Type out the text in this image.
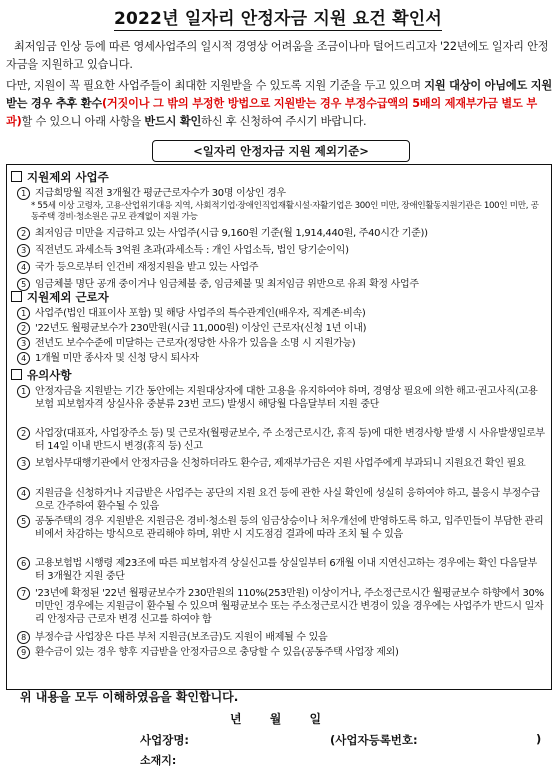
2022년 일자리 안정자금 지원 요건 확인서

최저임금 인상 등에 따른 영세사업주의 일시적 경영상 어려움을 조금이나마 덜어드리고자 '22년에도 일자리 안정자금을 지원하고 있습니다.

다만, 지원이 꼭 필요한 사업주들이 최대한 지원받을 수 있도록 지원 기준을 두고 있으며 지원 대상이 아님에도 지원받는 경우 추후 환수(거짓이나 그 밖의 부정한 방법으로 지원받는 경우 부정수급액의 5배의 제재부가금 별도 부과)할 수 있으니 아래 사항을 반드시 확인하신 후 신청하여 주시기 바랍니다.

<일자리 안정자금 지원 제외기준>
지원제외 사업주
1 지급희망월 직전 3개월간 평균근로자수가 30명 이상인 경우
2 최저임금 미만을 지급하고 있는 사업주(시급 9,160원 기준(월 1,914,440원, 주40시간 기준))
3 직전년도 과세소득 3억원 초과(과세소득 : 개인 사업소득, 법인 당기순이익)
4 국가 등으로부터 인건비 재정지원을 받고 있는 사업주
5 임금체불 명단 공개 중이거나 임금체불 중, 임금체불 및 최저임금 위반으로 유죄 확정 사업주
* 55세 이상 고령자, 고용·산업위기대응 지역, 사회적기업·장애인직업재활시설·자활기업은 300인 미만, 장애인활동지원기관은 100인 미만, 공동주택 경비·청소원은 규모 관계없이 지원 가능
지원제외 근로자
1 사업주(법인 대표이사 포함) 및 해당 사업주의 특수관계인(배우자, 직계존·비속)
2 '22년도 월평균보수가 230만원(시급 11,000원) 이상인 근로자(신청 1년 이내)
3 전년도 보수수준에 미달하는 근로자(정당한 사유가 있음을 소명 시 지원가능)
4 1개월 미만 종사자 및 신청 당시 퇴사자
유의사항
1 안정자금을 지원받는 기간 동안에는 지원대상자에 대한 고용을 유지하여야 하며, 경영상 필요에 의한 해고·권고사직(고용보험 피보험자격 상실사유 중분류 23번 코드) 발생시 해당월 다음달부터 지원 중단
2 사업장(대표자, 사업장주소 등) 및 근로자(월평균보수, 주 소정근로시간, 휴직 등)에 대한 변경사항 발생 시 사유발생일로부터 14일 이내 반드시 변경(휴직 등) 신고
3 보험사무대행기관에서 안정자금을 신청하더라도 환수금, 제재부가금은 지원 사업주에게 부과되니 지원요건 확인 필요
4 지원금을 신청하거나 지급받은 사업주는 공단의 지원 요건 등에 관한 사실 확인에 성실히 응하여야 하고, 불응시 부정수급으로 간주하여 환수될 수 있음
5 공동주택의 경우 지원받은 지원금은 경비·청소원 등의 임금상승이나 처우개선에 반영하도록 하고, 입주민들이 부담한 관리비에서 차감하는 방식으로 관리해야 하며, 위반 시 지도점검 결과에 따라 조치 될 수 있음
6 고용보험법 시행령 제23조에 따른 피보험자격 상실신고를 상실일부터 6개월 이내 지연신고하는 경우에는 확인 다음달부터 3개월간 지원 중단
7 '23년에 확정된 '22년 월평균보수가 230만원의 110%(253만원) 이상이거나, 주소정근로시간 월평균보수 하향에서 30% 미만인 경우에는 지원금이 환수될 수 있으며 월평균보수 또는 주소정근로시간 변경이 있을 경우에는 사업주가 반드시 일자리 안정자금 근로자 변경 신고를 하여야 함
8 부정수급 사업장은 다른 부처 지원금(보조금)도 지원이 배제될 수 있음
9 환수금이 있는 경우 향후 지급받을 안정자금으로 충당할 수 있음(공동주택 사업장 제외)
위 내용을 모두 이해하였음을 확인합니다.
년 월 일
사업장명:	(사업자등록번호:	)
소재지:
